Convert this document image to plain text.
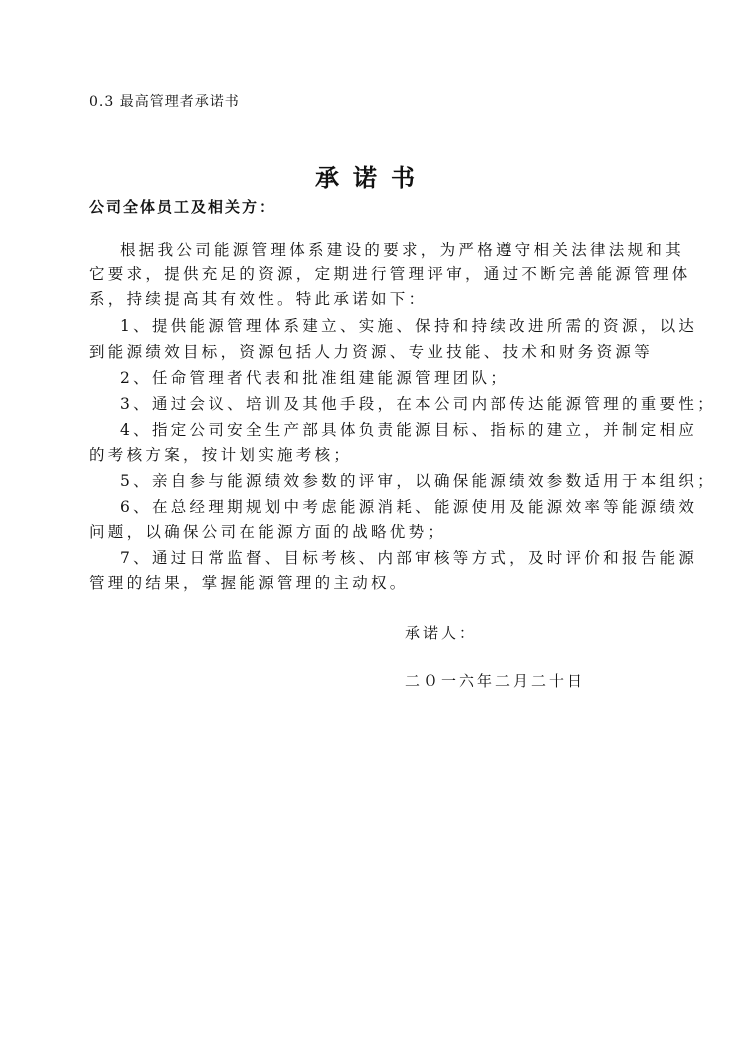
0.3 最高管理者承诺书
承诺书
公司全体员工及相关方：
根据我公司能源管理体系建设的要求，为严格遵守相关法律法规和其
它要求，提供充足的资源，定期进行管理评审，通过不断完善能源管理体
系，持续提高其有效性。特此承诺如下：
1、提供能源管理体系建立、实施、保持和持续改进所需的资源，以达
到能源绩效目标，资源包括人力资源、专业技能、技术和财务资源等
2、任命管理者代表和批准组建能源管理团队；
3、通过会议、培训及其他手段，在本公司内部传达能源管理的重要性；
4、指定公司安全生产部具体负责能源目标、指标的建立，并制定相应
的考核方案，按计划实施考核；
5、亲自参与能源绩效参数的评审，以确保能源绩效参数适用于本组织；
6、在总经理期规划中考虑能源消耗、能源使用及能源效率等能源绩效
问题，以确保公司在能源方面的战略优势；
7、通过日常监督、目标考核、内部审核等方式，及时评价和报告能源
管理的结果，掌握能源管理的主动权。
承诺人：
二０一六年二月二十日
